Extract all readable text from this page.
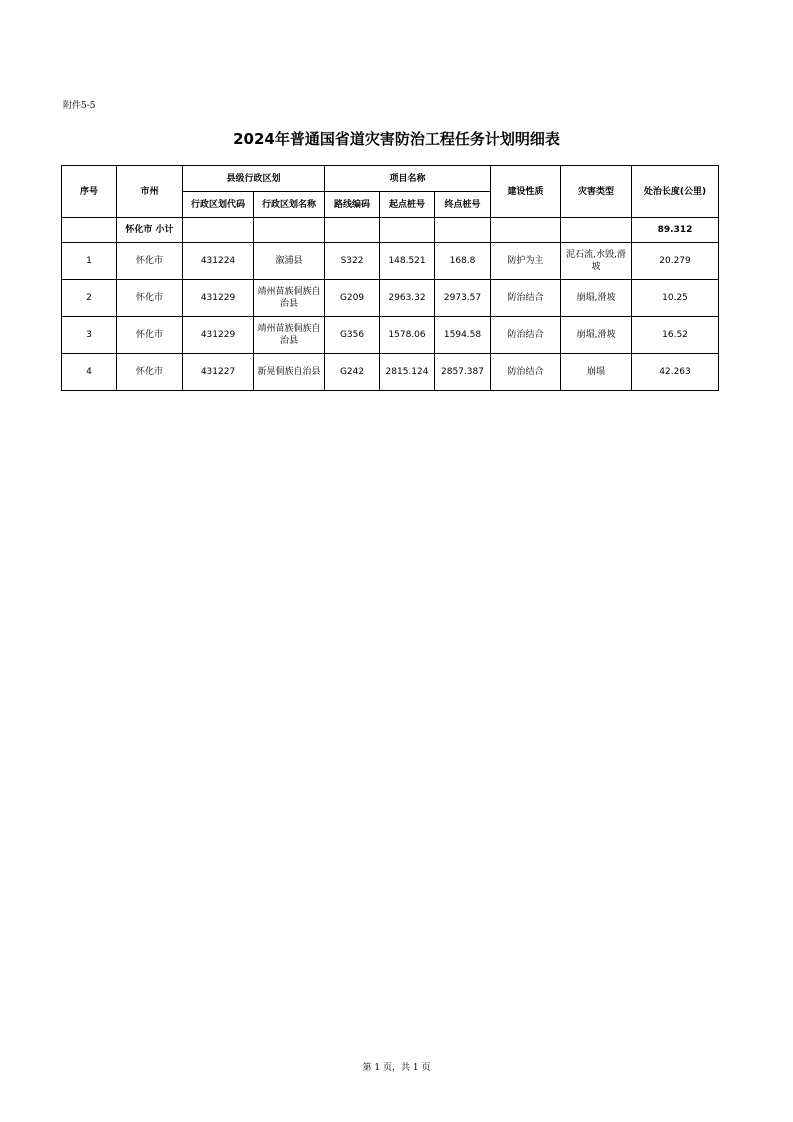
附件5-5
2024年普通国省道灾害防治工程任务计划明细表
序号	市州	县级行政区划		项目名称			建设性质	灾害类型	处治长度(公里)
		行政区划代码	行政区划名称	路线编码	起点桩号	终点桩号			
	怀化市 小计								89.312
1	怀化市	431224	溆浦县	S322	148.521	168.8	防护为主	泥石流,水毁,滑坡	20.279
2	怀化市	431229	靖州苗族侗族自治县	G209	2963.32	2973.57	防治结合	崩塌,滑坡	10.25
3	怀化市	431229	靖州苗族侗族自治县	G356	1578.06	1594.58	防治结合	崩塌,滑坡	16.52
4	怀化市	431227	新晃侗族自治县	G242	2815.124	2857.387	防治结合	崩塌	42.263
第 1 页，共 1 页
